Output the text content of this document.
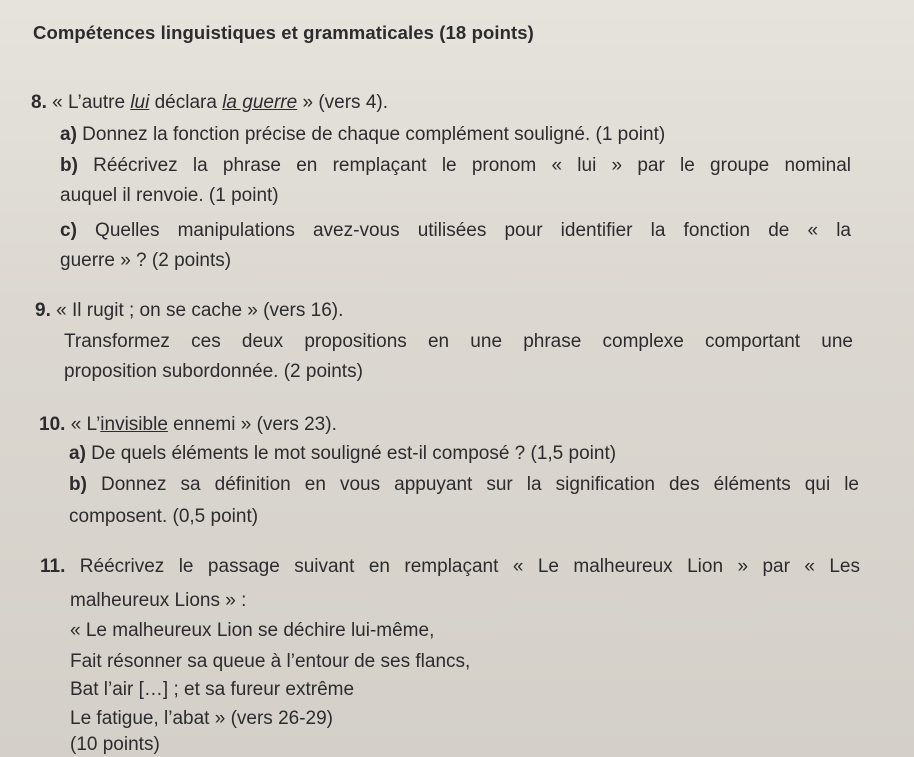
Compétences linguistiques et grammaticales (18 points)
8. « L’autre lui déclara la guerre » (vers 4).
a) Donnez la fonction précise de chaque complément souligné. (1 point)
b) Réécrivez la phrase en remplaçant le pronom « lui » par le groupe nominal
auquel il renvoie. (1 point)
c) Quelles manipulations avez-vous utilisées pour identifier la fonction de « la
guerre » ? (2 points)
9. « Il rugit ; on se cache » (vers 16).
Transformez ces deux propositions en une phrase complexe comportant une
proposition subordonnée. (2 points)
10. « L’invisible ennemi » (vers 23).
a) De quels éléments le mot souligné est-il composé ? (1,5 point)
b) Donnez sa définition en vous appuyant sur la signification des éléments qui le
composent. (0,5 point)
11. Réécrivez le passage suivant en remplaçant « Le malheureux Lion » par « Les
malheureux Lions » :
« Le malheureux Lion se déchire lui-même,
Fait résonner sa queue à l’entour de ses flancs,
Bat l’air […] ; et sa fureur extrême
Le fatigue, l’abat » (vers 26-29)
(10 points)
